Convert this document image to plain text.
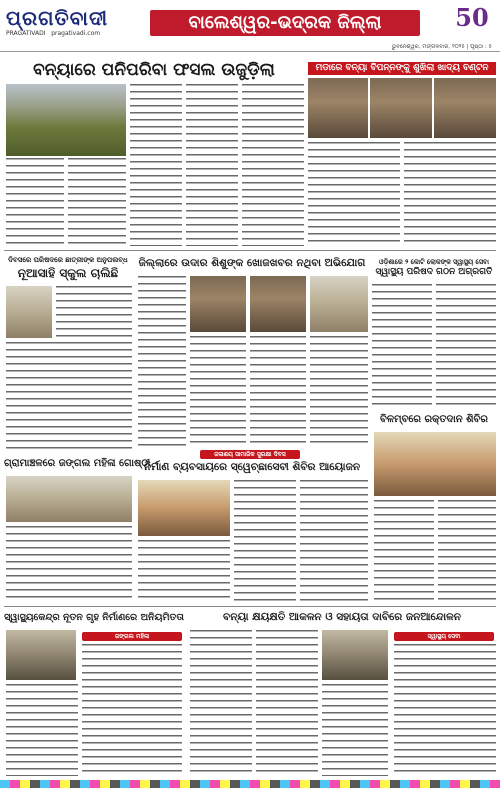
ପ୍ରଗତିବାଦୀ
PRAGATIVADI pragativadi.com
ବାଲେଶ୍ୱର-ଭଦ୍ରକ ଜିଲ୍ଲା	50
ଭୁବନେଶ୍ୱର, ମଙ୍ଗଳବାର, ୨୦୨୫ | ପୃଷ୍ଠା : ୫
ବନ୍ୟାରେ ପନିପରିବା ଫସଲ ଉଜୁଡ଼ିଲା	ମଡାରେ ବନ୍ୟା ବିପନ୍ନଙ୍କୁ ଶୁଖିଲା ଖାଦ୍ୟ ବଣ୍ଟନ
ଦିବସରେ ପରିଷଦରେ ଛାତ୍ରୀଙ୍କ ଅନୁପଲବ୍ଧ
ନୂଆସାହି ସ୍କୁଲ ଚାଲିଛି
ଜିଲ୍ଲାରେ ଉଦାର ଶିଶୁଙ୍କ ଖୋଜଖବର ନଥିବା ଅଭିଯୋଗ	ଓଡ଼ିଶାରେ ୨ କୋଟି ଲୋକଙ୍କ ସ୍ୱାସ୍ଥ୍ୟ ସେବା
ସ୍ୱାସ୍ଥ୍ୟ ପରିଷଦ ଗଠନ ଅଗ୍ରଗତି
ଜଳାଶୟ ସାମାଜିକ ସୁରକ୍ଷା ଦିବସ
ନିର୍ମାଣ ବ୍ୟବସାୟରେ ସ୍ୱେଚ୍ଛାସେବୀ ଶିବିର ଆୟୋଜନ
ଗ୍ରାମାଞ୍ଚଳରେ ଜଙ୍ଗଲ ମହିଳା ଗୋଷ୍ଠୀ
ବିଳମ୍ବରେ ରକ୍ତଦାନ ଶିବିର
ସ୍ୱାସ୍ଥ୍ୟକେନ୍ଦ୍ର ନୂତନ ଗୃହ ନିର୍ମାଣରେ ଅନିୟମିତତା
ଜଙ୍ଗଲ ମହିଳା
ବନ୍ୟା କ୍ଷୟକ୍ଷତି ଆକଳନ ଓ ସହାୟତା ଦାବିରେ ଜନଆନ୍ଦୋଳନ
ସ୍ୱାସ୍ଥ୍ୟ ସେବା
